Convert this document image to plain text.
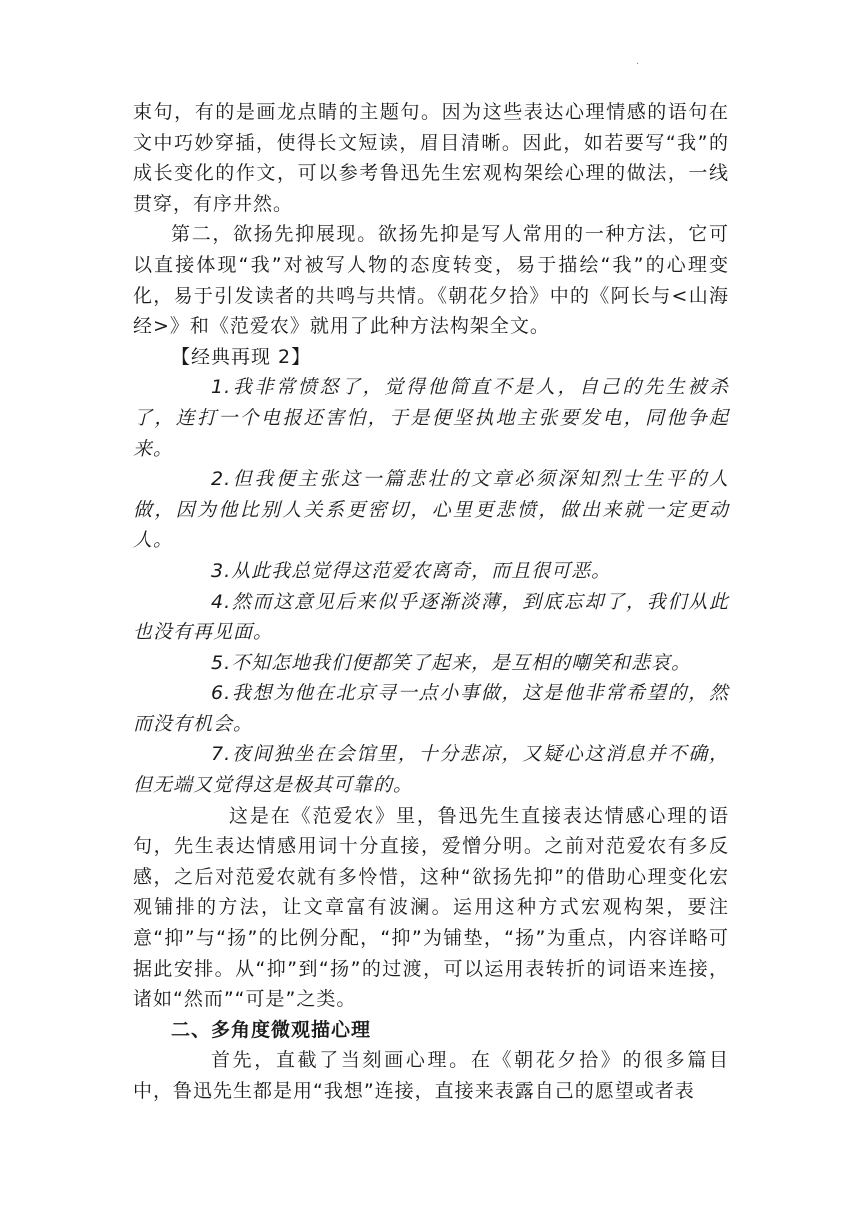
.

束句，有的是画龙点睛的主题句。因为这些表达心理情感的语句在文中巧妙穿插，使得长文短读，眉目清晰。因此，如若要写“我”的成长变化的作文，可以参考鲁迅先生宏观构架绘心理的做法，一线贯穿，有序井然。

第二，欲扬先抑展现。欲扬先抑是写人常用的一种方法，它可以直接体现“我”对被写人物的态度转变，易于描绘“我”的心理变化，易于引发读者的共鸣与共情。《朝花夕拾》中的《阿长与<山海经>》和《范爱农》就用了此种方法构架全文。

【经典再现 2】

1.我非常愤怒了，觉得他简直不是人，自己的先生被杀了，连打一个电报还害怕，于是便坚执地主张要发电，同他争起来。

2.但我便主张这一篇悲壮的文章必须深知烈士生平的人做，因为他比别人关系更密切，心里更悲愤，做出来就一定更动人。

3.从此我总觉得这范爱农离奇，而且很可恶。

4.然而这意见后来似乎逐渐淡薄，到底忘却了，我们从此也没有再见面。

5.不知怎地我们便都笑了起来，是互相的嘲笑和悲哀。

6.我想为他在北京寻一点小事做，这是他非常希望的，然而没有机会。

7.夜间独坐在会馆里，十分悲凉，又疑心这消息并不确，但无端又觉得这是极其可靠的。

这是在《范爱农》里，鲁迅先生直接表达情感心理的语句，先生表达情感用词十分直接，爱憎分明。之前对范爱农有多反感，之后对范爱农就有多怜惜，这种“欲扬先抑”的借助心理变化宏观铺排的方法，让文章富有波澜。运用这种方式宏观构架，要注意“抑”与“扬”的比例分配，“抑”为铺垫，“扬”为重点，内容详略可据此安排。从“抑”到“扬”的过渡，可以运用表转折的词语来连接，诸如“然而”“可是”之类。

二、多角度微观描心理

首先，直截了当刻画心理。在《朝花夕拾》的很多篇目中，鲁迅先生都是用“我想”连接，直接来表露自己的愿望或者表
